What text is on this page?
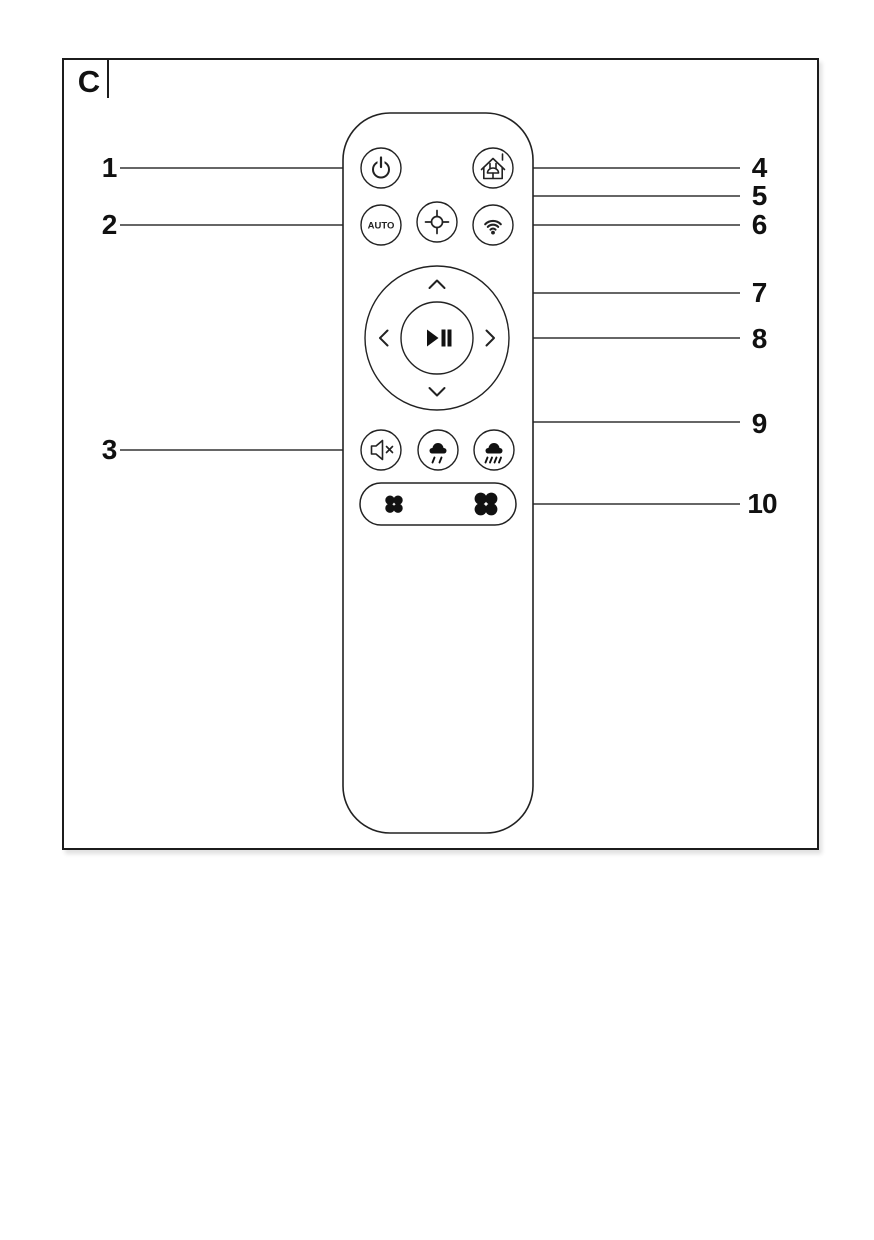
C
AUTO
1
2
3
4
5
6
7
8
9
10
